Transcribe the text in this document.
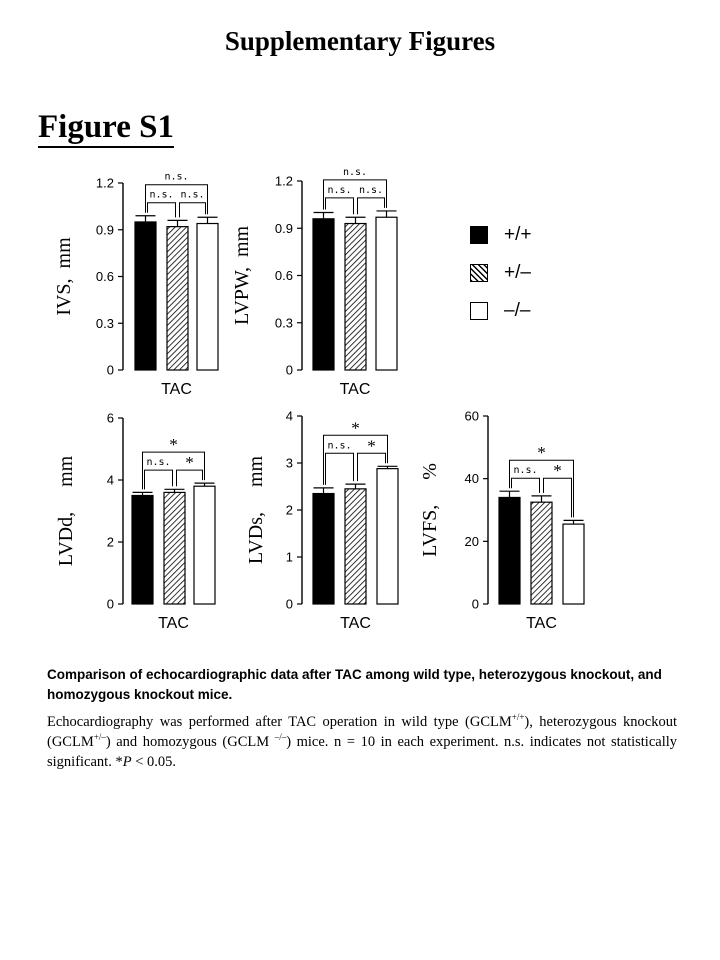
Supplementary Figures
Figure S1
0
0.3
0.6
0.9
1.2
IVS,  mm
TAC
n.s. n.s.
n.s.
0
0.3
0.6
0.9
1.2
LVPW,  mm
TAC
n.s. n.s.
n.s.
0
2
4
6
LVDd,     mm
TAC
n.s. *
*
0
1
2
3
4
LVDs,     mm
TAC
n.s. *
*
0
20
40
60
LVFS,     %
TAC
n.s. *
*
+/+
+/–
–/–
Comparison of echocardiographic data after TAC among wild type, heterozygous knockout, and homozygous knockout mice.
Echocardiography was performed after TAC operation in wild type (GCLM+/+), heterozygous knockout (GCLM+/–) and homozygous (GCLM –/–) mice. n = 10 in each experiment. n.s. indicates not statistically significant. *P < 0.05.
